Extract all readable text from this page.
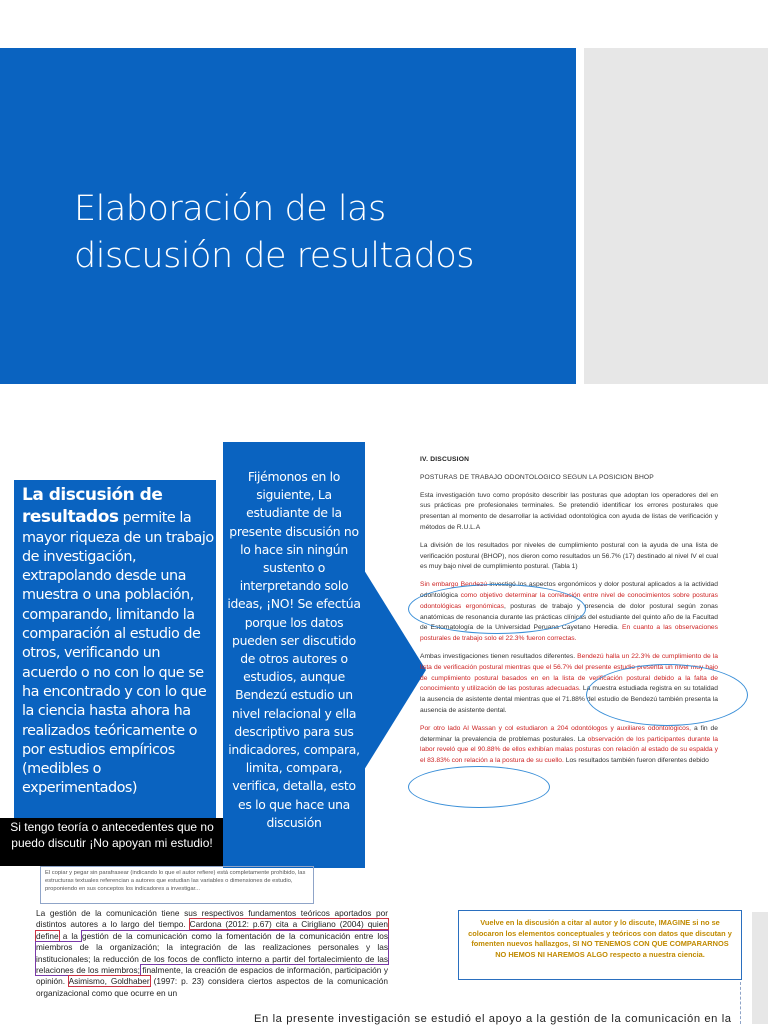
Elaboración de las
discusión de resultados
La discusión de resultados permite la mayor riqueza de un trabajo de investigación, extrapolando desde una muestra o una población, comparando, limitando la comparación al estudio de otros, verificando un acuerdo o no con lo que se ha encontrado y con lo que la ciencia hasta ahora ha realizados teóricamente o por estudios empíricos (medibles o experimentados)
Si tengo teoría o antecedentes que no puedo discutir ¡No apoyan mi estudio!
Fijémonos en lo siguiente, La estudiante de la presente discusión no lo hace sin ningún sustento o interpretando solo ideas, ¡NO! Se efectúa porque los datos pueden ser discutido de otros autores o estudios, aunque Bendezú estudio un nivel relacional y ella descriptivo para sus indicadores, compara, limita, compara, verifica, detalla, esto es lo que hace una discusión
IV. DISCUSION
POSTURAS DE TRABAJO ODONTOLOGICO SEGUN LA POSICION BHOP

Esta investigación tuvo como propósito describir las posturas que adoptan los operadores del en sus prácticas pre profesionales terminales. Se pretendió identificar los errores posturales que presentan al momento de desarrollar la actividad odontológica con ayuda de listas de verificación y métodos de R.U.L.A

La división de los resultados por niveles de cumplimiento postural con la ayuda de una lista de verificación postural (BHOP), nos dieron como resultados un 56.7% (17) destinado al nivel IV el cual es muy bajo nivel de cumplimiento postural. (Tabla 1)

Sin embargo Bendezú investigó los aspectos ergonómicos y dolor postural aplicados a la actividad odontológica como objetivo determinar la correlación entre nivel de conocimientos sobre posturas odontológicas ergonómicas, posturas de trabajo y presencia de dolor postural según zonas anatómicas de resonancia durante las prácticas clínicas del estudiante del quinto año de la Facultad de Estomatología de la Universidad Peruana Cayetano Heredia. En cuanto a las observaciones posturales de trabajo solo el 22.3% fueron correctas.

Ambas investigaciones tienen resultados diferentes. Bendezú halla un 22.3% de cumplimiento de la lista de verificación postural mientras que el 56.7% del presente estudio presenta un nivel muy bajo de cumplimiento postural basados en en la lista de verificación postural debido a la falta de conocimiento y utilización de las posturas adecuadas. La muestra estudiada registra en su totalidad la ausencia de asistente dental mientras que el 71.88% del estudio de Bendezú también presenta la ausencia de asistente dental.

Por otro lado Al Wassan y col estudiaron a 204 odontólogos y auxiliares odontológicos, a fin de determinar la prevalencia de problemas posturales. La observación de los participantes durante la labor reveló que el 90.88% de ellos exhibían malas posturas con relación al estado de su espalda y el 83.83% con relación a la postura de su cuello. Los resultados también fueron diferentes debido

El copiar y pegar sin parafrasear (indicando lo que el autor refiere) está completamente prohibido, las estructuras textuales referencian a autores que estudian las variables o dimensiones de estudio, proponiendo en sus conceptos los indicadores a investigar...
La gestión de la comunicación tiene sus respectivos fundamentos teóricos aportados por distintos autores a lo largo del tiempo. Cardona (2012: p.67) cita a Cirigliano (2004) quien define a la gestión de la comunicación como la fomentación de la comunicación entre los miembros de la organización; la integración de las realizaciones personales y las institucionales; la reducción de los focos de conflicto interno a partir del fortalecimiento de las relaciones de los miembros; finalmente, la creación de espacios de información, participación y opinión. Asimismo, Goldhaber (1997: p. 23) considera ciertos aspectos de la comunicación organizacional como que ocurre en un
En la presente investigación se estudió el apoyo a la gestión de la comunicación en la
Vuelve en la discusión a citar al autor y lo discute, IMAGINE si no se colocaron los elementos conceptuales y teóricos con datos que discutan y fomenten nuevos hallazgos, SI NO TENEMOS CON QUE COMPARARNOS NO HEMOS NI HAREMOS ALGO respecto a nuestra ciencia.
